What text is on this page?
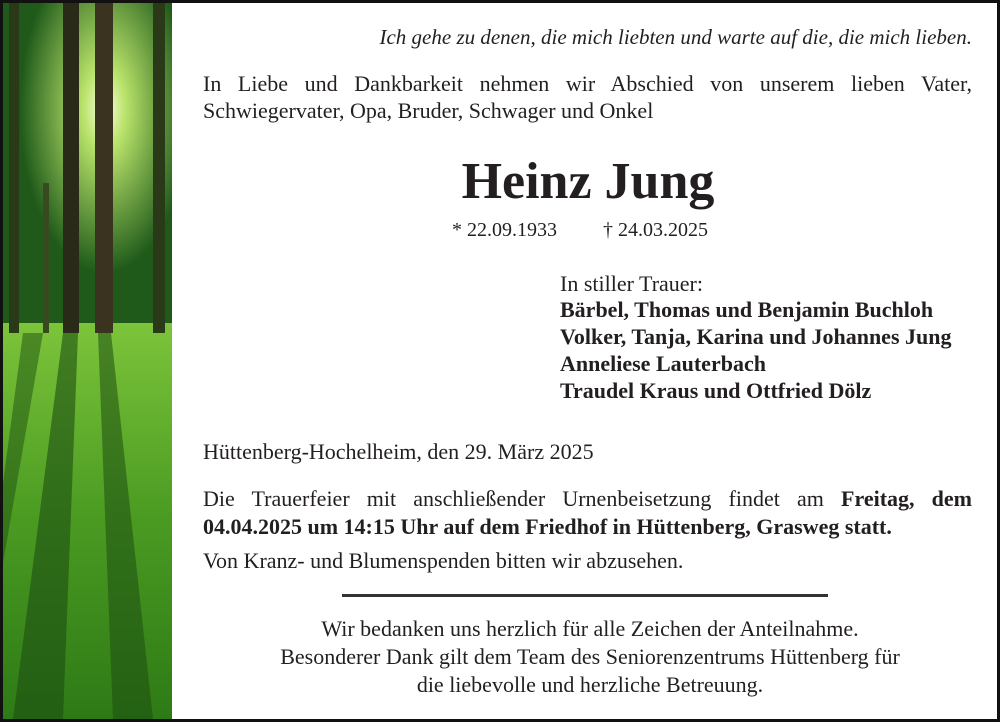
Ich gehe zu denen, die mich liebten und warte auf die, die mich lieben.
In Liebe und Dankbarkeit nehmen wir Abschied von unserem lieben Vater,
Schwiegervater, Opa, Bruder, Schwager und Onkel
Heinz Jung
* 22.09.1933 † 24.03.2025
In stiller Trauer:
Bärbel, Thomas und Benjamin Buchloh
Volker, Tanja, Karina und Johannes Jung
Anneliese Lauterbach
Traudel Kraus und Ottfried Dölz
Hüttenberg-Hochelheim, den 29. März 2025
Die Trauerfeier mit anschließender Urnenbeisetzung findet am Freitag, dem
04.04.2025 um 14:15 Uhr auf dem Friedhof in Hüttenberg, Grasweg statt.
Von Kranz- und Blumenspenden bitten wir abzusehen.
Wir bedanken uns herzlich für alle Zeichen der Anteilnahme.
Besonderer Dank gilt dem Team des Seniorenzentrums Hüttenberg für
die liebevolle und herzliche Betreuung.
